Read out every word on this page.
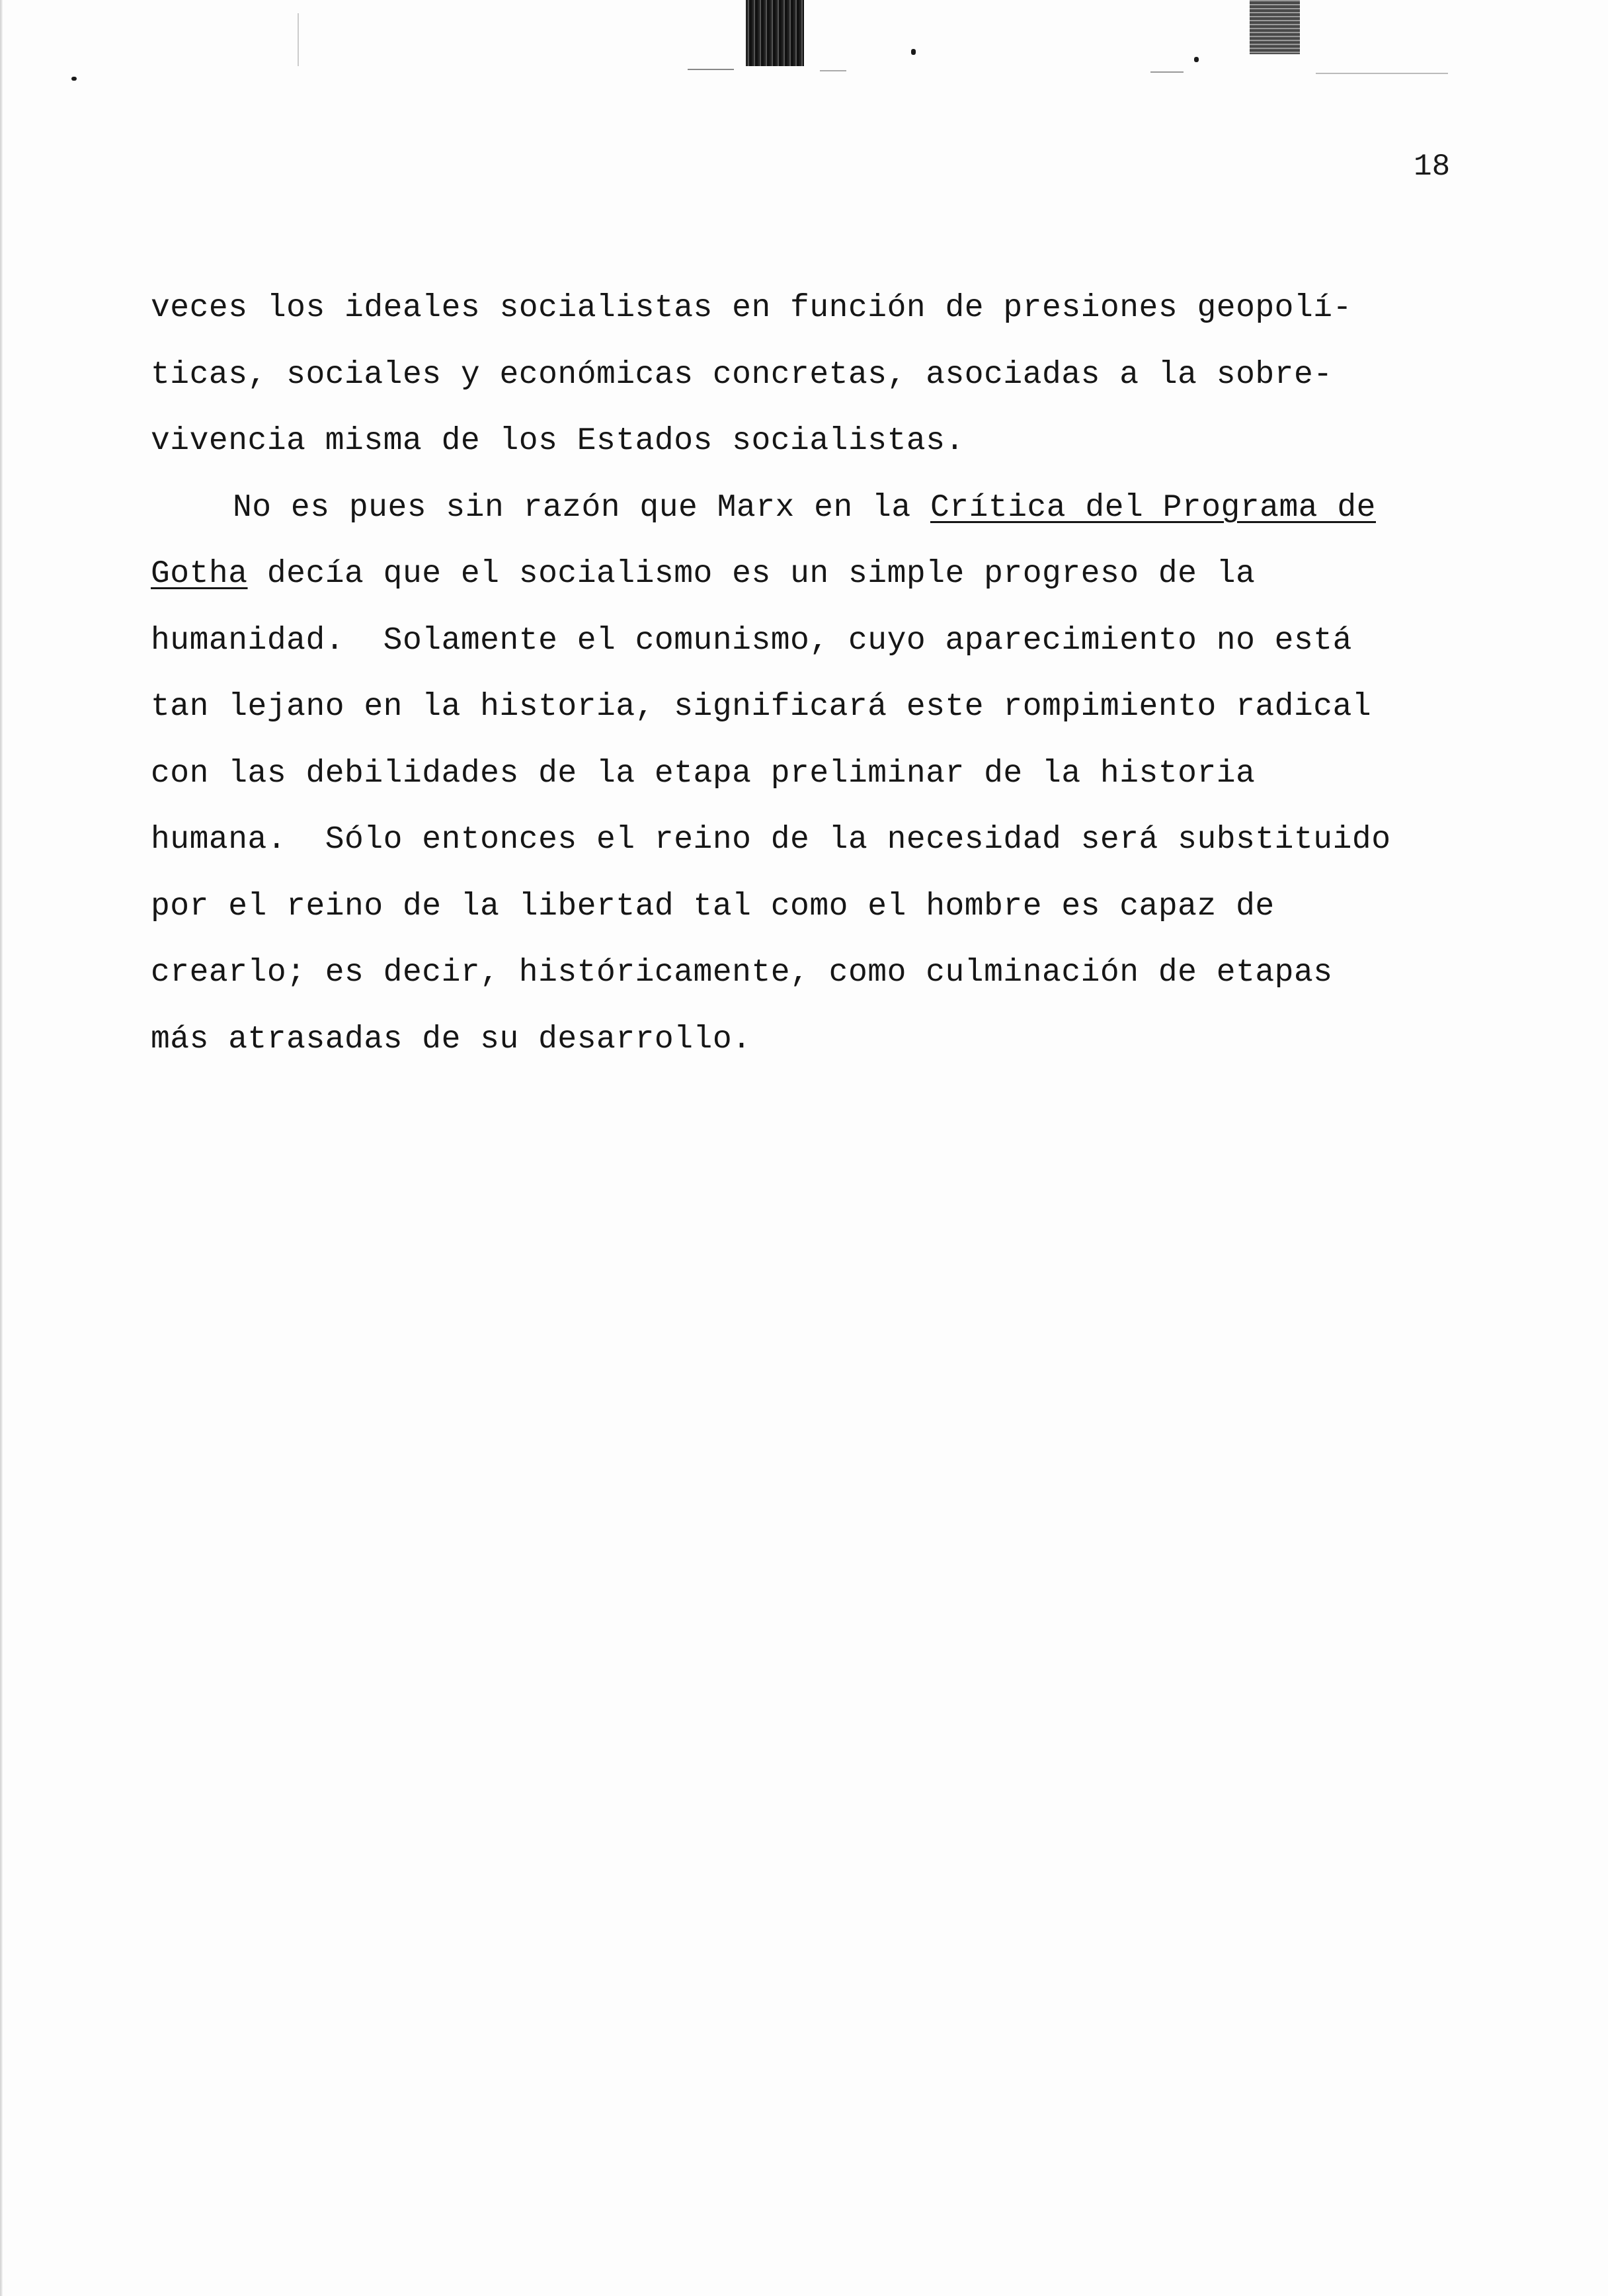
18
veces los ideales socialistas en función de presiones geopolí-
ticas, sociales y económicas concretas, asociadas a la sobre-
vivencia misma de los Estados socialistas.
No es pues sin razón que Marx en la Crítica del Programa de
Gotha decía que el socialismo es un simple progreso de la
humanidad.  Solamente el comunismo, cuyo aparecimiento no está
tan lejano en la historia, significará este rompimiento radical
con las debilidades de la etapa preliminar de la historia
humana.  Sólo entonces el reino de la necesidad será substituido
por el reino de la libertad tal como el hombre es capaz de
crearlo; es decir, históricamente, como culminación de etapas
más atrasadas de su desarrollo.
